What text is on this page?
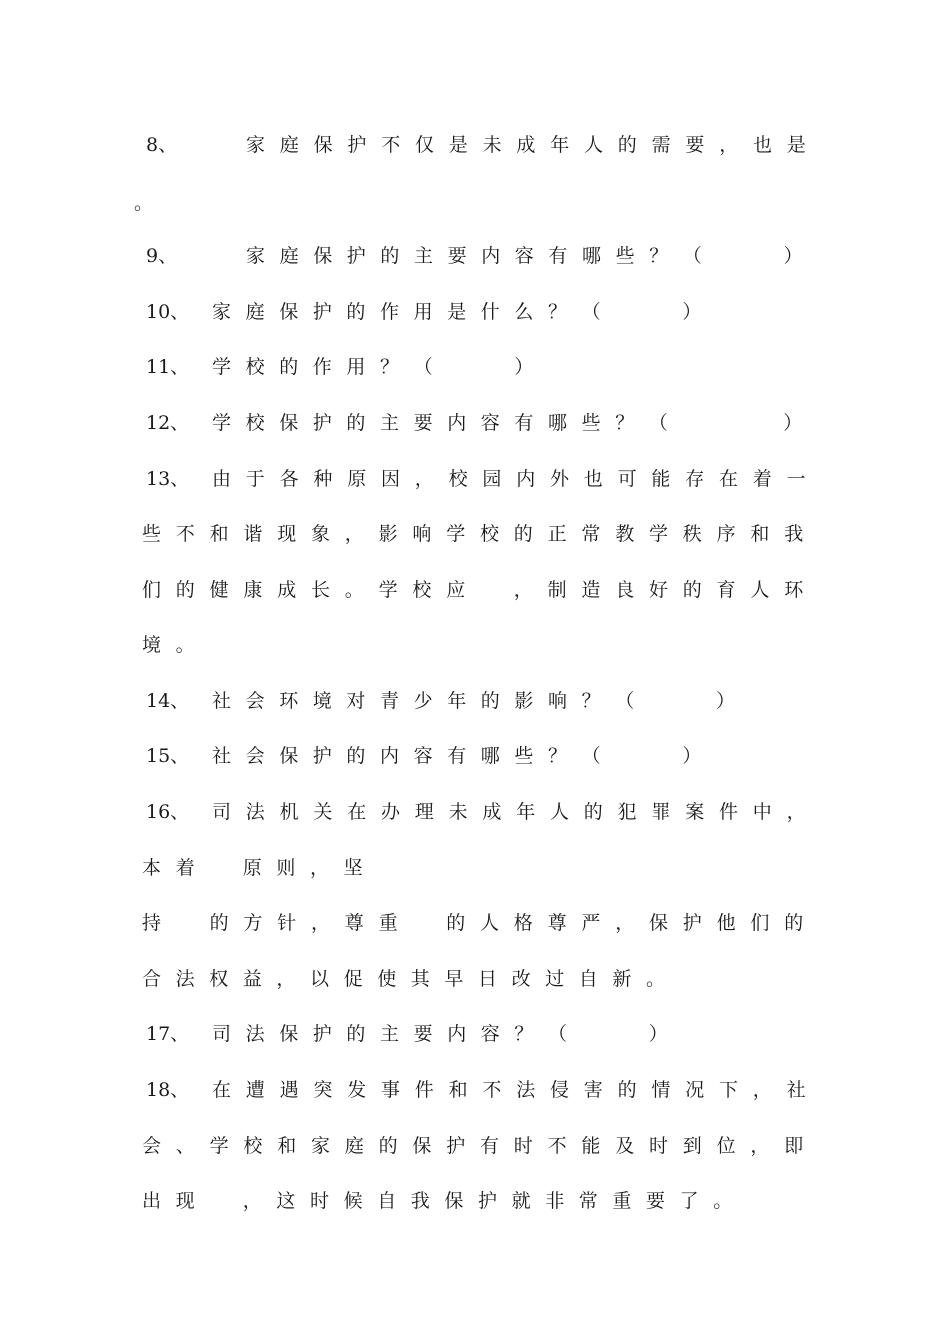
8、	家庭保护不仅是未成年人的需要，也是
。
9、	家庭保护的主要内容有哪些？（　　）
10、 家庭保护的作用是什么？（　　）
11、 学校的作用？（　　）
12、 学校保护的主要内容有哪些？（　　　）
13、 由于各种原因，校园内外也可能存在着一
些不和谐现象，影响学校的正常教学秩序和我
们的健康成长。学校应　，制造良好的育人环
境。
14、 社会环境对青少年的影响？（　　）
15、 社会保护的内容有哪些？（　　）
16、 司法机关在办理未成年人的犯罪案件中，
本着　原则，坚
持　的方针，尊重　的人格尊严，保护他们的
合法权益，以促使其早日改过自新。
17、 司法保护的主要内容？（　　）
18、 在遭遇突发事件和不法侵害的情况下，社
会、学校和家庭的保护有时不能及时到位，即
出现　，这时候自我保护就非常重要了。
